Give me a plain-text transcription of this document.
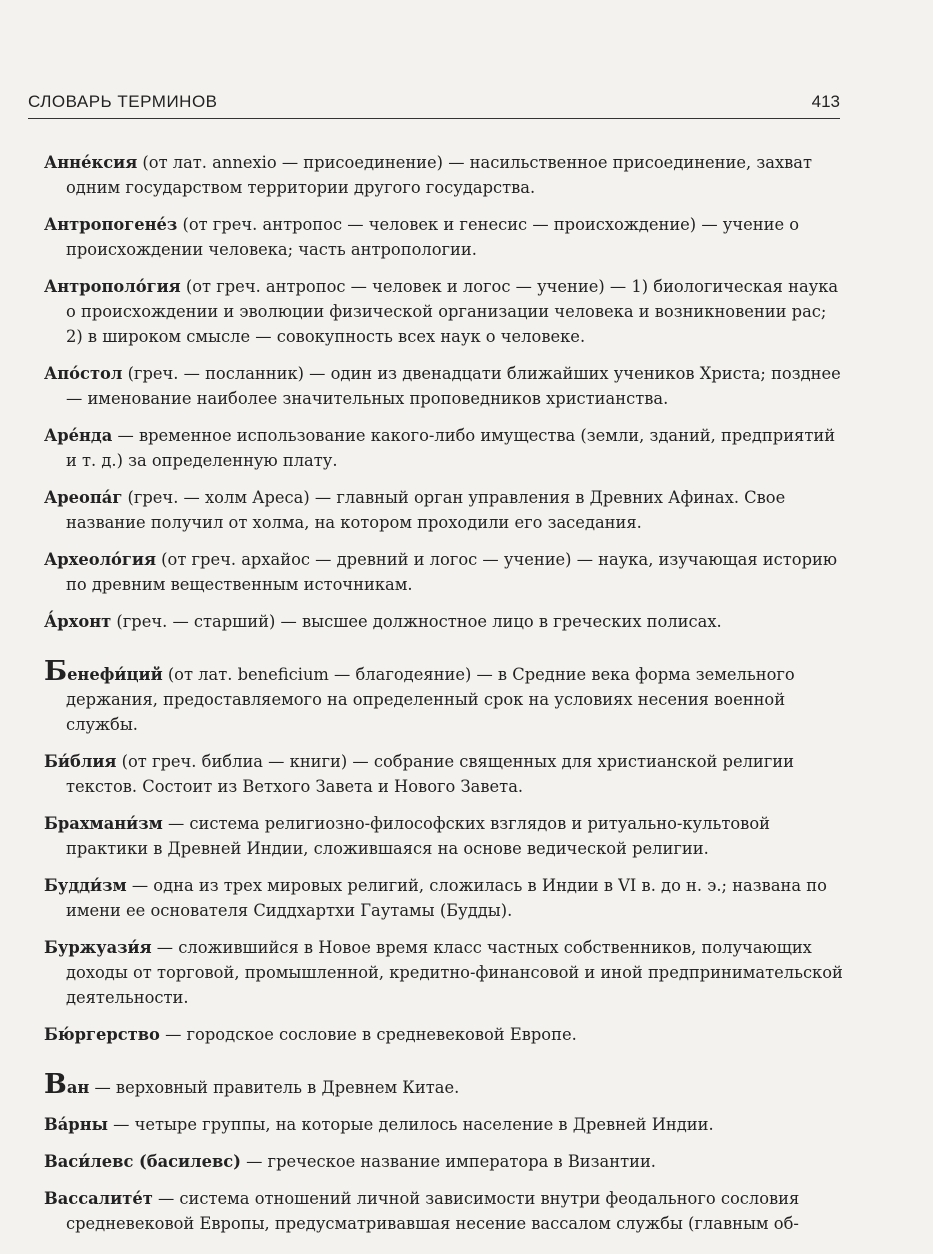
СЛОВАРЬ ТЕРМИНОВ	413
Анне́ксия (от лат. annexio — присоединение) — насильственное присоединение, захват одним государством территории другого государства.
Антропогене́з (от греч. антропос — человек и генесис — происхождение) — учение о происхождении человека; часть антропологии.
Антрополо́гия (от греч. антропос — человек и логос — учение) — 1) биологическая наука о происхождении и эволюции физической организации человека и возникновении рас; 2) в широком смысле — совокупность всех наук о человеке.
Апо́стол (греч. — посланник) — один из двенадцати ближайших учеников Христа; позднее — именование наиболее значительных проповедников христианства.
Аре́нда — временное использование какого-либо имущества (земли, зданий, предприятий и т. д.) за определенную плату.
Ареопа́г (греч. — холм Ареса) — главный орган управления в Древних Афинах. Свое название получил от холма, на котором проходили его заседания.
Археоло́гия (от греч. архайос — древний и логос — учение) — наука, изучающая историю по древним вещественным источникам.
А́рхонт (греч. — старший) — высшее должностное лицо в греческих полисах.
Бенефи́ций (от лат. beneficium — благодеяние) — в Средние века форма земельного держания, предоставляемого на определенный срок на условиях несения военной службы.
Би́блия (от греч. библиа — книги) — собрание священных для христианской религии текстов. Состоит из Ветхого Завета и Нового Завета.
Брахмани́зм — система религиозно-философских взглядов и ритуально-культовой практики в Древней Индии, сложившаяся на основе ведической религии.
Будди́зм — одна из трех мировых религий, сложилась в Индии в VI в. до н. э.; названа по имени ее основателя Сиддхартхи Гаутамы (Будды).
Буржуази́я — сложившийся в Новое время класс частных собственников, получающих доходы от торговой, промышленной, кредитно-финансовой и иной предпринимательской деятельности.
Бю́ргерство — городское сословие в средневековой Европе.
Ван — верховный правитель в Древнем Китае.
Ва́рны — четыре группы, на которые делилось население в Древней Индии.
Васи́левс (басилевс) — греческое название императора в Византии.
Вассалите́т — система отношений личной зависимости внутри феодального сословия средневековой Европы, предусматривавшая несение вассалом службы (главным об-
